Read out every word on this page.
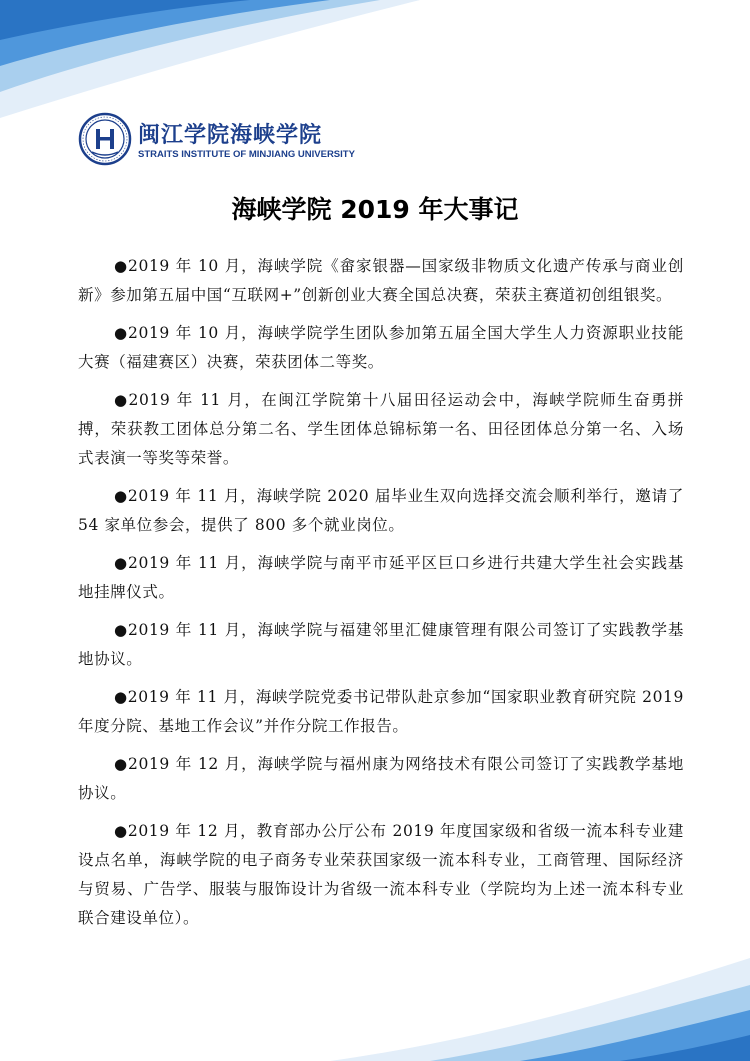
闽江学院海峡学院
STRAITS INSTITUTE OF MINJIANG UNIVERSITY
海峡学院 2019 年大事记

●2019 年 10 月，海峡学院《畲家银器—国家级非物质文化遗产传承与商业创新》参加第五届中国“互联网+”创新创业大赛全国总决赛，荣获主赛道初创组银奖。

●2019 年 10 月，海峡学院学生团队参加第五届全国大学生人力资源职业技能大赛（福建赛区）决赛，荣获团体二等奖。

●2019 年 11 月，在闽江学院第十八届田径运动会中，海峡学院师生奋勇拼搏，荣获教工团体总分第二名、学生团体总锦标第一名、田径团体总分第一名、入场式表演一等奖等荣誉。

●2019 年 11 月，海峡学院 2020 届毕业生双向选择交流会顺利举行，邀请了 54 家单位参会，提供了 800 多个就业岗位。

●2019 年 11 月，海峡学院与南平市延平区巨口乡进行共建大学生社会实践基地挂牌仪式。

●2019 年 11 月，海峡学院与福建邻里汇健康管理有限公司签订了实践教学基地协议。

●2019 年 11 月，海峡学院党委书记带队赴京参加“国家职业教育研究院 2019 年度分院、基地工作会议”并作分院工作报告。

●2019 年 12 月，海峡学院与福州康为网络技术有限公司签订了实践教学基地协议。

●2019 年 12 月，教育部办公厅公布 2019 年度国家级和省级一流本科专业建设点名单，海峡学院的电子商务专业荣获国家级一流本科专业，工商管理、国际经济与贸易、广告学、服装与服饰设计为省级一流本科专业（学院均为上述一流本科专业联合建设单位）。
